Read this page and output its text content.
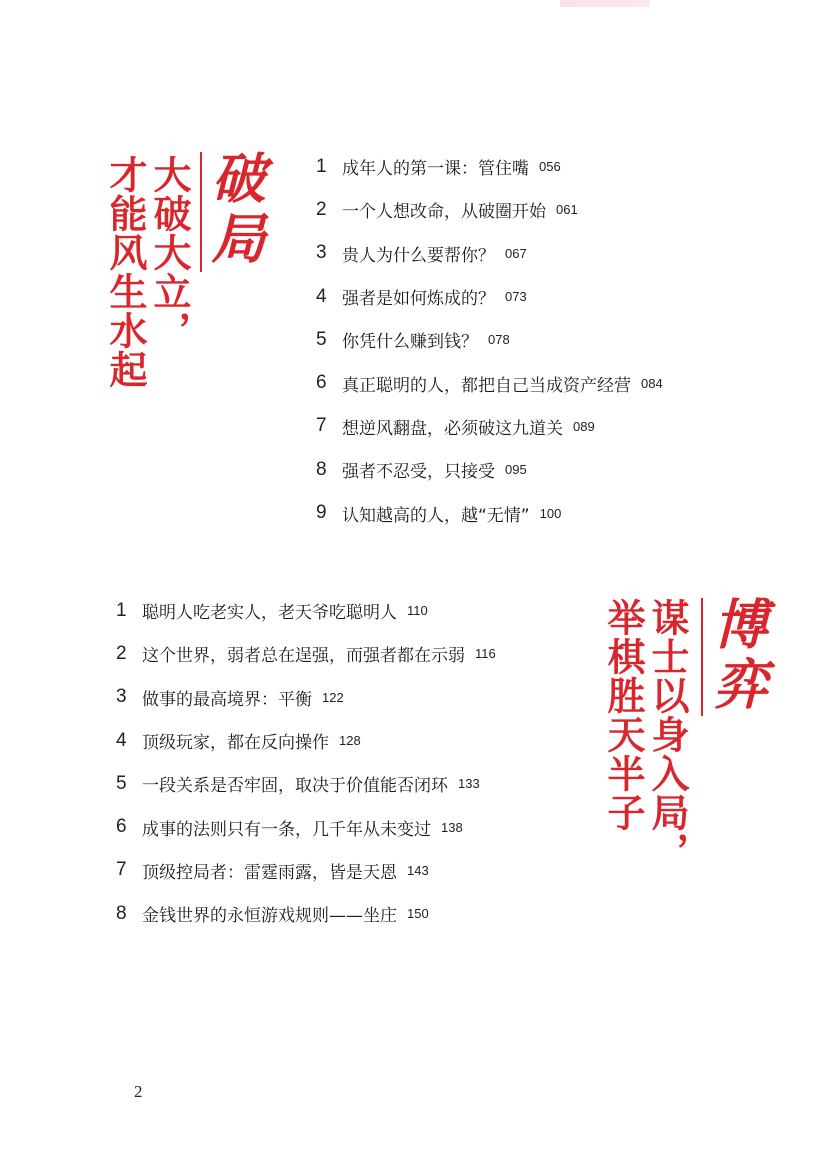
才能风生水起 大破大立， 破局	1 成年人的第一课：管住嘴 056
2 一个人想改命，从破圈开始 061
3 贵人为什么要帮你？ 067
4 强者是如何炼成的？ 073
5 你凭什么赚到钱？ 078
6 真正聪明的人，都把自己当成资产经营 084
7 想逆风翻盘，必须破这九道关 089
8 强者不忍受，只接受 095
9 认知越高的人，越“无情” 100
1 聪明人吃老实人，老天爷吃聪明人 110
2 这个世界，弱者总在逞强，而强者都在示弱 116
3 做事的最高境界：平衡 122
4 顶级玩家，都在反向操作 128
5 一段关系是否牢固，取决于价值能否闭环 133
6 成事的法则只有一条，几千年从未变过 138
7 顶级控局者：雷霆雨露，皆是天恩 143
8 金钱世界的永恒游戏规则——坐庄 150
举棋胜天半子 谋士以身入局， 博弈
2
